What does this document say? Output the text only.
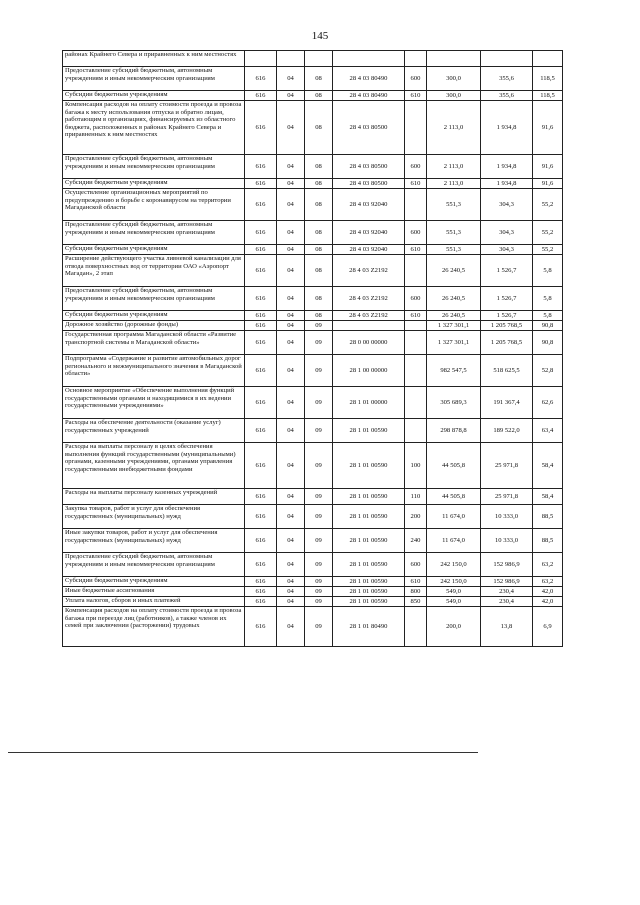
145
районах Крайнего Севера и приравненных к ним местностях								
Предоставление субсидий бюджетным, автономным учреждениям и иным некоммерческим организациям	616	04	08	28 4 03 80490	600	300,0	355,6	118,5
Субсидии бюджетным учреждениям	616	04	08	28 4 03 80490	610	300,0	355,6	118,5
Компенсация расходов на оплату стоимости проезда и провоза багажа к месту использования отпуска и обратно лицам, работающим в организациях, финансируемых из областного бюджета, расположенных в районах Крайнего Севера и приравненных к ним местностях	616	04	08	28 4 03 80500		2 113,0	1 934,8	91,6
Предоставление субсидий бюджетным, автономным учреждениям и иным некоммерческим организациям	616	04	08	28 4 03 80500	600	2 113,0	1 934,8	91,6
Субсидии бюджетным учреждениям	616	04	08	28 4 03 80500	610	2 113,0	1 934,8	91,6
Осуществление организационных мероприятий по предупреждению и борьбе с коронавирусом на территории Магаданской области	616	04	08	28 4 03 92040		551,3	304,3	55,2
Предоставление субсидий бюджетным, автономным учреждениям и иным некоммерческим организациям	616	04	08	28 4 03 92040	600	551,3	304,3	55,2
Субсидии бюджетным учреждениям	616	04	08	28 4 03 92040	610	551,3	304,3	55,2
Расширение действующего участка ливневой канализации для отвода поверхностных вод от территории ОАО «Аэропорт Магадан», 2 этап	616	04	08	28 4 03 Z2192		26 240,5	1 526,7	5,8
Предоставление субсидий бюджетным, автономным учреждениям и иным некоммерческим организациям	616	04	08	28 4 03 Z2192	600	26 240,5	1 526,7	5,8
Субсидии бюджетным учреждениям	616	04	08	28 4 03 Z2192	610	26 240,5	1 526,7	5,8
Дорожное хозяйство (дорожные фонды)	616	04	09			1 327 301,1	1 205 768,5	90,8
Государственная программа Магаданской области «Развитие транспортной системы в Магаданской области»	616	04	09	28 0 00 00000		1 327 301,1	1 205 768,5	90,8
Подпрограмма «Содержание и развитие автомобильных дорог регионального и межмуниципального значения в Магаданской области»	616	04	09	28 1 00 00000		982 547,5	518 625,5	52,8
Основное мероприятие «Обеспечение выполнения функций государственными органами и находящимися в их ведении государственными учреждениями»	616	04	09	28 1 01 00000		305 689,3	191 367,4	62,6
Расходы на обеспечение деятельности (оказание услуг) государственных учреждений	616	04	09	28 1 01 00590		298 878,8	189 522,0	63,4
Расходы на выплаты персоналу в целях обеспечения выполнения функций государственными (муниципальными) органами, казенными учреждениями, органами управления государственными внебюджетными фондами	616	04	09	28 1 01 00590	100	44 505,8	25 971,8	58,4
Расходы на выплаты персоналу казенных учреждений	616	04	09	28 1 01 00590	110	44 505,8	25 971,8	58,4
Закупка товаров, работ и услуг для обеспечения государственных (муниципальных) нужд	616	04	09	28 1 01 00590	200	11 674,0	10 333,0	88,5
Иные закупки товаров, работ и услуг для обеспечения государственных (муниципальных) нужд	616	04	09	28 1 01 00590	240	11 674,0	10 333,0	88,5
Предоставление субсидий бюджетным, автономным учреждениям и иным некоммерческим организациям	616	04	09	28 1 01 00590	600	242 150,0	152 986,9	63,2
Субсидии бюджетным учреждениям	616	04	09	28 1 01 00590	610	242 150,0	152 986,9	63,2
Иные бюджетные ассигнования	616	04	09	28 1 01 00590	800	549,0	230,4	42,0
Уплата налогов, сборов и иных платежей	616	04	09	28 1 01 00590	850	549,0	230,4	42,0
Компенсация расходов на оплату стоимости проезда и провоза багажа при переезде лиц (работников), а также членов их семей при заключении (расторжении) трудовых	616	04	09	28 1 01 80490		200,0	13,8	6,9
